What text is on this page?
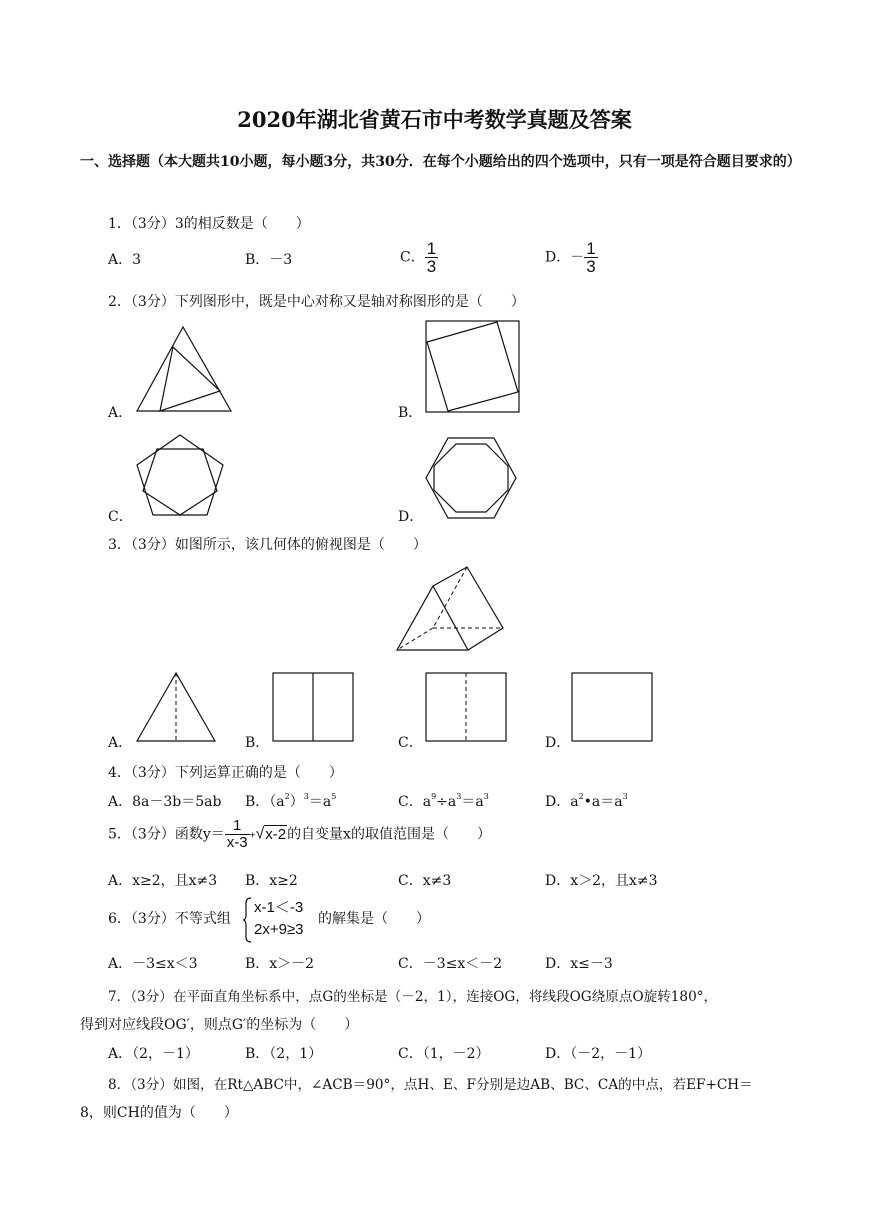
2020年湖北省黄石市中考数学真题及答案
一、选择题（本大题共10小题，每小题3分，共30分．在每个小题给出的四个选项中，只有一项是符合题目要求的）
1．（3分）3的相反数是（　　）
A．3	B．－3	C． $\frac{1}{3}$	D．－ $\frac{1}{3}$
2．（3分）下列图形中，既是中心对称又是轴对称图形的是（　　）
A．	B．
C．	D．
3．（3分）如图所示，该几何体的俯视图是（　　）
A．	B．	C．	D．
4．（3分）下列运算正确的是（　　）
A．8a－3b＝5ab B．$(a^2)^3=a^5$	C．$a^9\div a^3=a^3$	D．$a^2•a=a^3$
5．（3分）函数$y= \frac{1}{x-3} +√x-2$的自变量x的取值范围是（　　）
A．x≥2，且x≠3 B．x≥2	C．x≠3	D．x＞2，且x≠3
6．（3分）不等式组
x-1＜-3
2x+9≥3
的解集是（　　）
A．－3≤x＜3	B．x＞－2	C．－3≤x＜－2	D．x≤－3
7．（3分）在平面直角坐标系中，点G的坐标是（－2，1），连接OG，将线段OG绕原点O旋转180°，
得到对应线段OG′，则点G′的坐标为（　　）
A．（2，－1）	B．（2，1）	C．（1，－2）	D．（－2，－1）
8．（3分）如图，在Rt△ABC中，∠ACB＝90°，点H、E、F分别是边AB、BC、CA的中点，若EF+CH＝
8，则CH的值为（　　）
